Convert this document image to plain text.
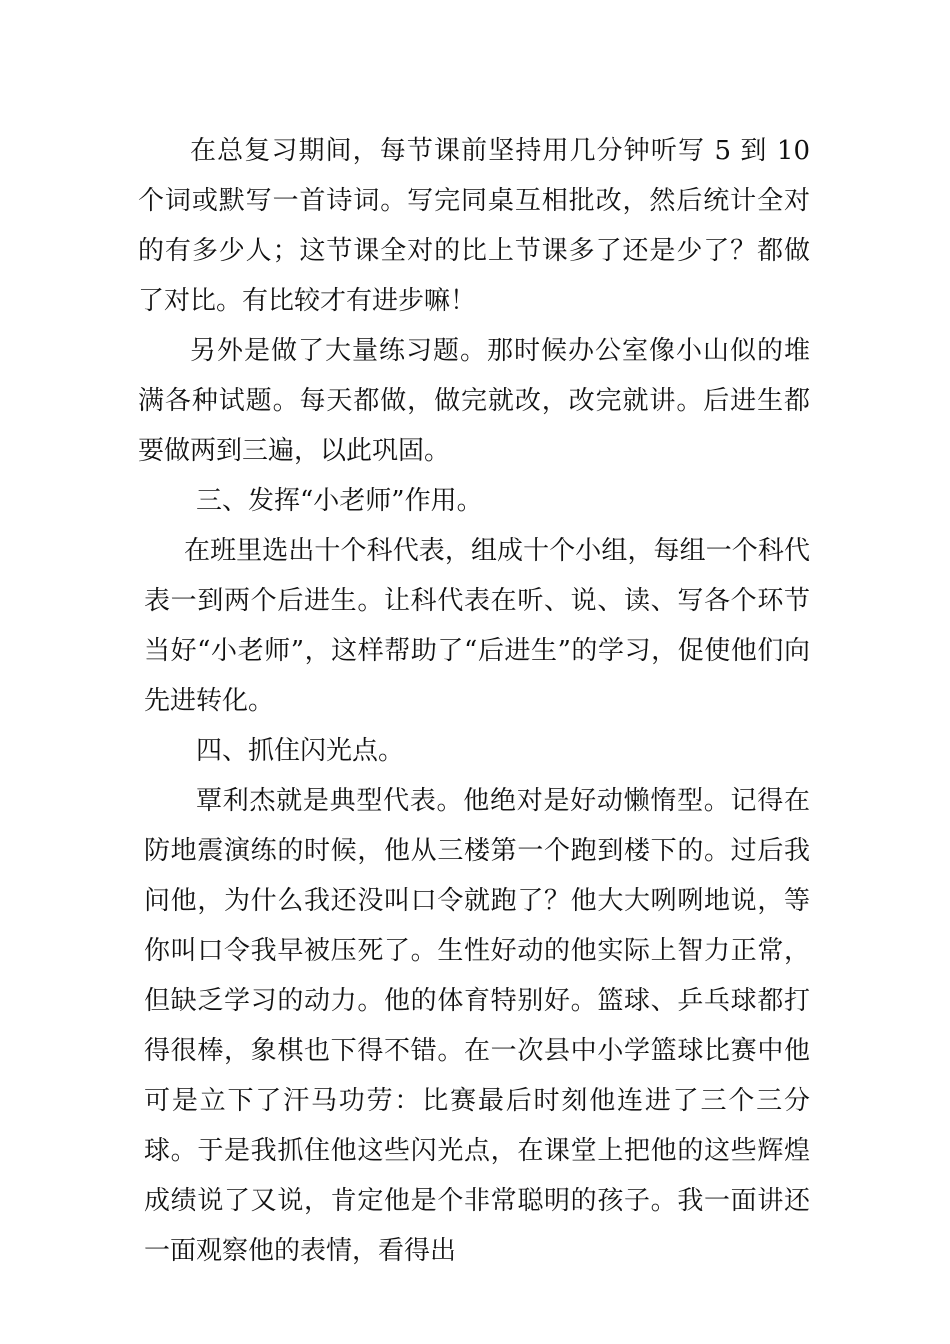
在总复习期间，每节课前坚持用几分钟听写 5 到 10 个词或默写一首诗词。写完同桌互相批改，然后统计全对的有多少人；这节课全对的比上节课多了还是少了？都做了对比。有比较才有进步嘛！

另外是做了大量练习题。那时候办公室像小山似的堆满各种试题。每天都做，做完就改，改完就讲。后进生都要做两到三遍，以此巩固。

三、发挥“小老师”作用。

在班里选出十个科代表，组成十个小组，每组一个科代表一到两个后进生。让科代表在听、说、读、写各个环节当好“小老师”，这样帮助了“后进生”的学习，促使他们向先进转化。

四、抓住闪光点。

覃利杰就是典型代表。他绝对是好动懒惰型。记得在防地震演练的时候，他从三楼第一个跑到楼下的。过后我问他，为什么我还没叫口令就跑了？他大大咧咧地说，等你叫口令我早被压死了。生性好动的他实际上智力正常，但缺乏学习的动力。他的体育特别好。篮球、乒乓球都打得很棒，象棋也下得不错。在一次县中小学篮球比赛中他可是立下了汗马功劳：比赛最后时刻他连进了三个三分球。于是我抓住他这些闪光点，在课堂上把他的这些辉煌成绩说了又说，肯定他是个非常聪明的孩子。我一面讲还一面观察他的表情，看得出
